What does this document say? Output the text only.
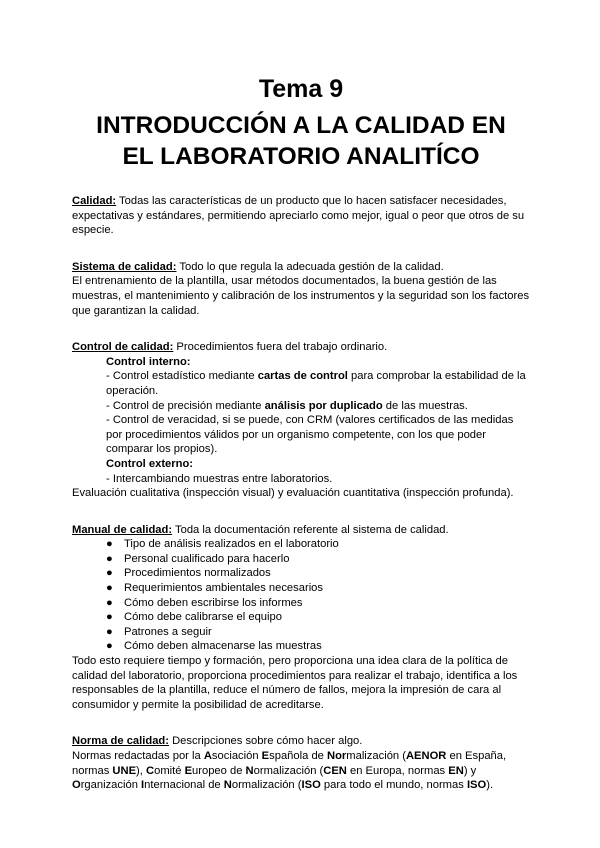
Tema 9
INTRODUCCIÓN A LA CALIDAD EN
EL LABORATORIO ANALITÍCO

Calidad: Todas las características de un producto que lo hacen satisfacer necesidades, expectativas y estándares, permitiendo apreciarlo como mejor, igual o peor que otros de su especie.

Sistema de calidad: Todo lo que regula la adecuada gestión de la calidad.

El entrenamiento de la plantilla, usar métodos documentados, la buena gestión de las muestras, el mantenimiento y calibración de los instrumentos y la seguridad son los factores que garantizan la calidad.

Control de calidad: Procedimientos fuera del trabajo ordinario.

Control interno:

- Control estadístico mediante cartas de control para comprobar la estabilidad de la operación.

- Control de precisión mediante análisis por duplicado de las muestras.

- Control de veracidad, si se puede, con CRM (valores certificados de las medidas por procedimientos válidos por un organismo competente, con los que poder comparar los propios).

Control externo:

- Intercambiando muestras entre laboratorios.

Evaluación cualitativa (inspección visual) y evaluación cuantitativa (inspección profunda).

Manual de calidad: Toda la documentación referente al sistema de calidad.

● Tipo de análisis realizados en el laboratorio
● Personal cualificado para hacerlo
● Procedimientos normalizados
● Requerimientos ambientales necesarios
● Cómo deben escribirse los informes
● Cómo debe calibrarse el equipo
● Patrones a seguir
● Cómo deben almacenarse las muestras

Todo esto requiere tiempo y formación, pero proporciona una idea clara de la política de calidad del laboratorio, proporciona procedimientos para realizar el trabajo, identifica a los responsables de la plantilla, reduce el número de fallos, mejora la impresión de cara al consumidor y permite la posibilidad de acreditarse.

Norma de calidad: Descripciones sobre cómo hacer algo.

Normas redactadas por la Asociación Española de Normalización (AENOR en España, normas UNE), Comité Europeo de Normalización (CEN en Europa, normas EN) y Organización Internacional de Normalización (ISO para todo el mundo, normas ISO).
